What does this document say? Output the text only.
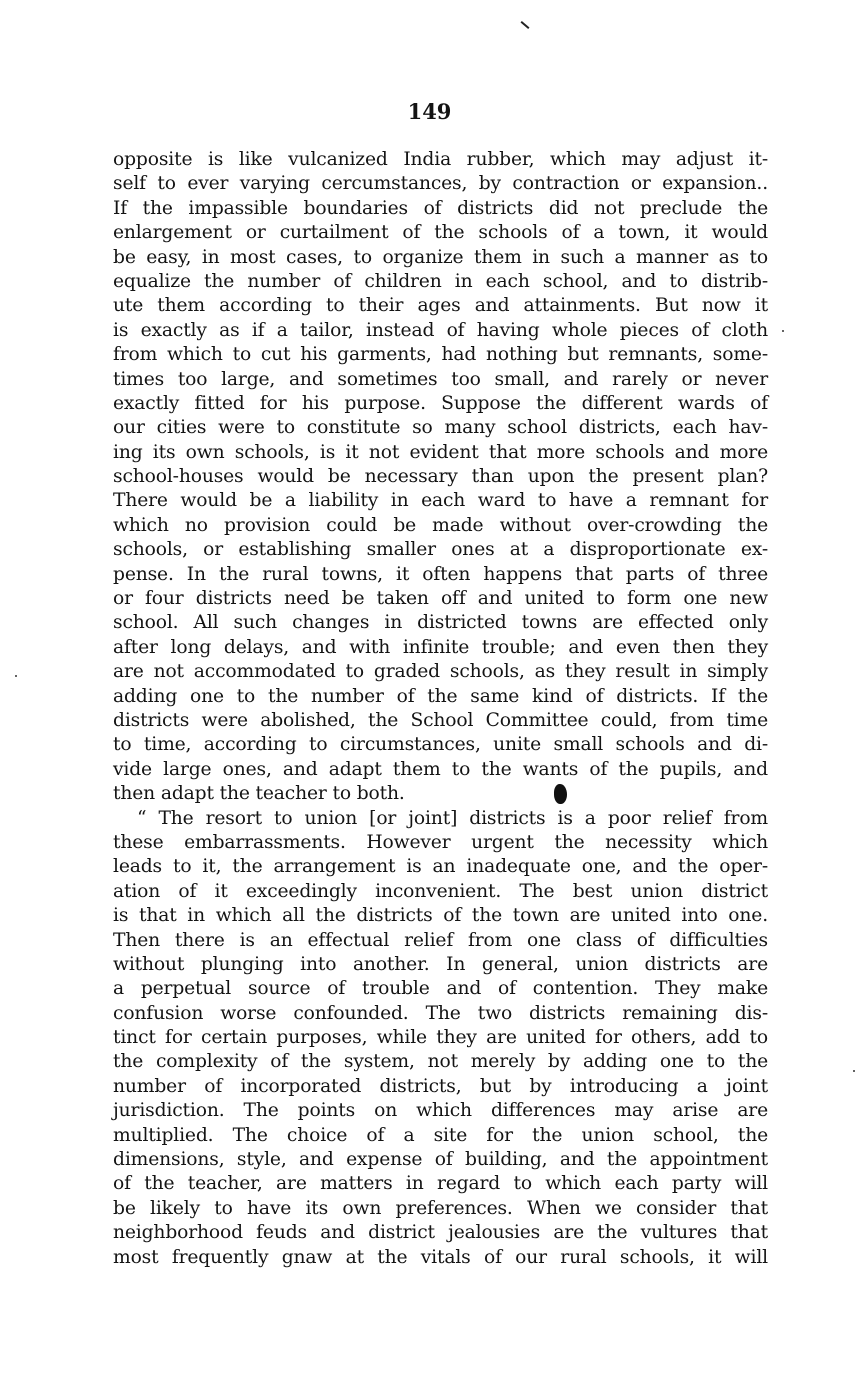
149
opposite is like vulcanized India rubber, which may adjust it-
self to ever varying cercumstances, by contraction or expansion..
If the impassible boundaries of districts did not preclude the
enlargement or curtailment of the schools of a town, it would
be easy, in most cases, to organize them in such a manner as to
equalize the number of children in each school, and to distrib-
ute them according to their ages and attainments. But now it
is exactly as if a tailor, instead of having whole pieces of cloth
from which to cut his garments, had nothing but remnants, some-
times too large, and sometimes too small, and rarely or never
exactly fitted for his purpose. Suppose the different wards of
our cities were to constitute so many school districts, each hav-
ing its own schools, is it not evident that more schools and more
school-houses would be necessary than upon the present plan?
There would be a liability in each ward to have a remnant for
which no provision could be made without over-crowding the
schools, or establishing smaller ones at a disproportionate ex-
pense. In the rural towns, it often happens that parts of three
or four districts need be taken off and united to form one new
school. All such changes in districted towns are effected only
after long delays, and with infinite trouble; and even then they
are not accommodated to graded schools, as they result in simply
adding one to the number of the same kind of districts. If the
districts were abolished, the School Committee could, from time
to time, according to circumstances, unite small schools and di-
vide large ones, and adapt them to the wants of the pupils, and
then adapt the teacher to both.
“ The resort to union [or joint] districts is a poor relief from
these embarrassments. However urgent the necessity which
leads to it, the arrangement is an inadequate one, and the oper-
ation of it exceedingly inconvenient. The best union district
is that in which all the districts of the town are united into one.
Then there is an effectual relief from one class of difficulties
without plunging into another. In general, union districts are
a perpetual source of trouble and of contention. They make
confusion worse confounded. The two districts remaining dis-
tinct for certain purposes, while they are united for others, add to
the complexity of the system, not merely by adding one to the
number of incorporated districts, but by introducing a joint
jurisdiction. The points on which differences may arise are
multiplied. The choice of a site for the union school, the
dimensions, style, and expense of building, and the appointment
of the teacher, are matters in regard to which each party will
be likely to have its own preferences. When we consider that
neighborhood feuds and district jealousies are the vultures that
most frequently gnaw at the vitals of our rural schools, it will
